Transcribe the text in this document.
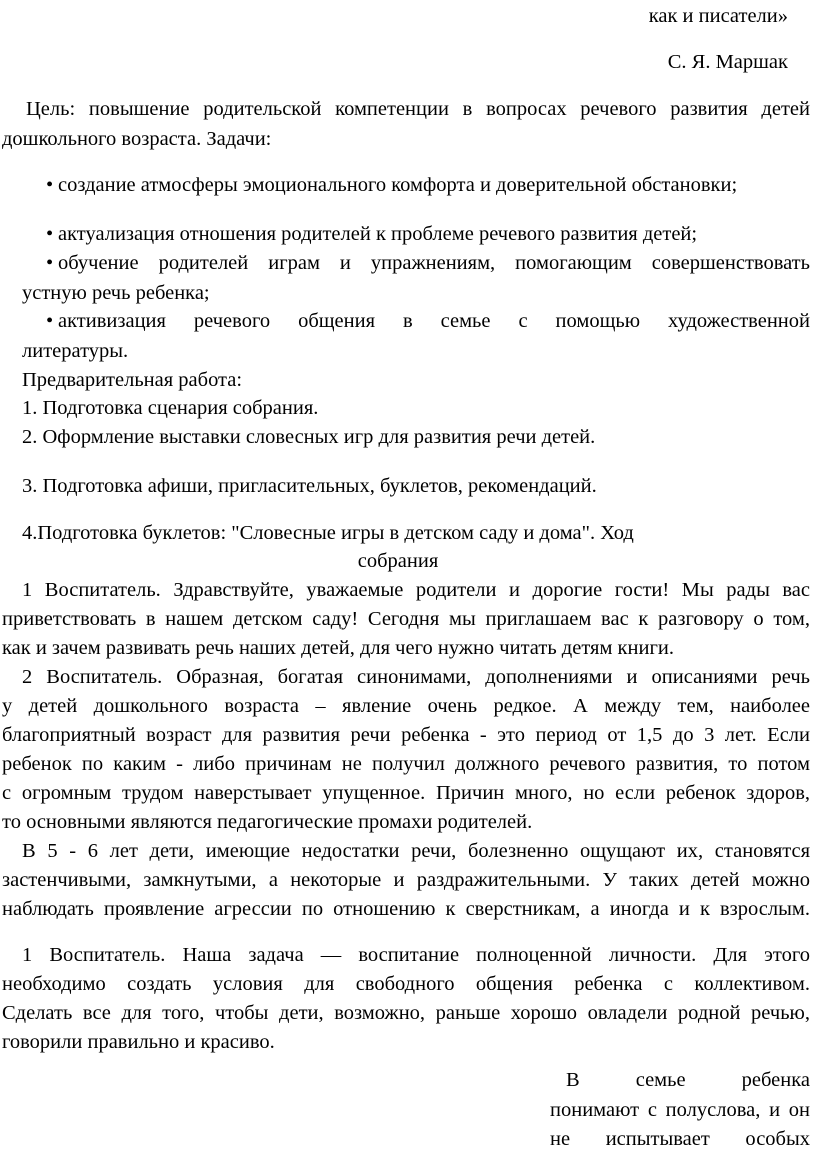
как и писатели»
С. Я. Маршак
Цель: повышение родительской компетенции в вопросах речевого развития детей
дошкольного возраста. Задачи:
• создание атмосферы эмоционального комфорта и доверительной обстановки;
• актуализация отношения родителей к проблеме речевого развития детей;
• обучение родителей играм и упражнениям, помогающим совершенствовать
устную речь ребенка;
• активизация речевого общения в семье с помощью художественной
литературы.
Предварительная работа:
1. Подготовка сценария собрания.
2. Оформление выставки словесных игр для развития речи детей.
3. Подготовка афиши, пригласительных, буклетов, рекомендаций.
4.Подготовка буклетов: "Словесные игры в детском саду и дома". Ход
собрания
1 Воспитатель. Здравствуйте, уважаемые родители и дорогие гости! Мы рады вас
приветствовать в нашем детском саду! Сегодня мы приглашаем вас к разговору о том,
как и зачем развивать речь наших детей, для чего нужно читать детям книги.
2 Воспитатель. Образная, богатая синонимами, дополнениями и описаниями речь
у детей дошкольного возраста – явление очень редкое. А между тем, наиболее
благоприятный возраст для развития речи ребенка - это период от 1,5 до 3 лет. Если
ребенок по каким - либо причинам не получил должного речевого развития, то потом
с огромным трудом наверстывает упущенное. Причин много, но если ребенок здоров,
то основными являются педагогические промахи родителей.
В 5 - 6 лет дети, имеющие недостатки речи, болезненно ощущают их, становятся
застенчивыми, замкнутыми, а некоторые и раздражительными. У таких детей можно
наблюдать проявление агрессии по отношению к сверстникам, а иногда и к взрослым.
1 Воспитатель. Наша задача — воспитание полноценной личности. Для этого
необходимо создать условия для свободного общения ребенка с коллективом.
Сделать все для того, чтобы дети, возможно, раньше хорошо овладели родной речью,
говорили правильно и красиво.
В семье ребенка
понимают с полуслова, и он
не испытывает особых
